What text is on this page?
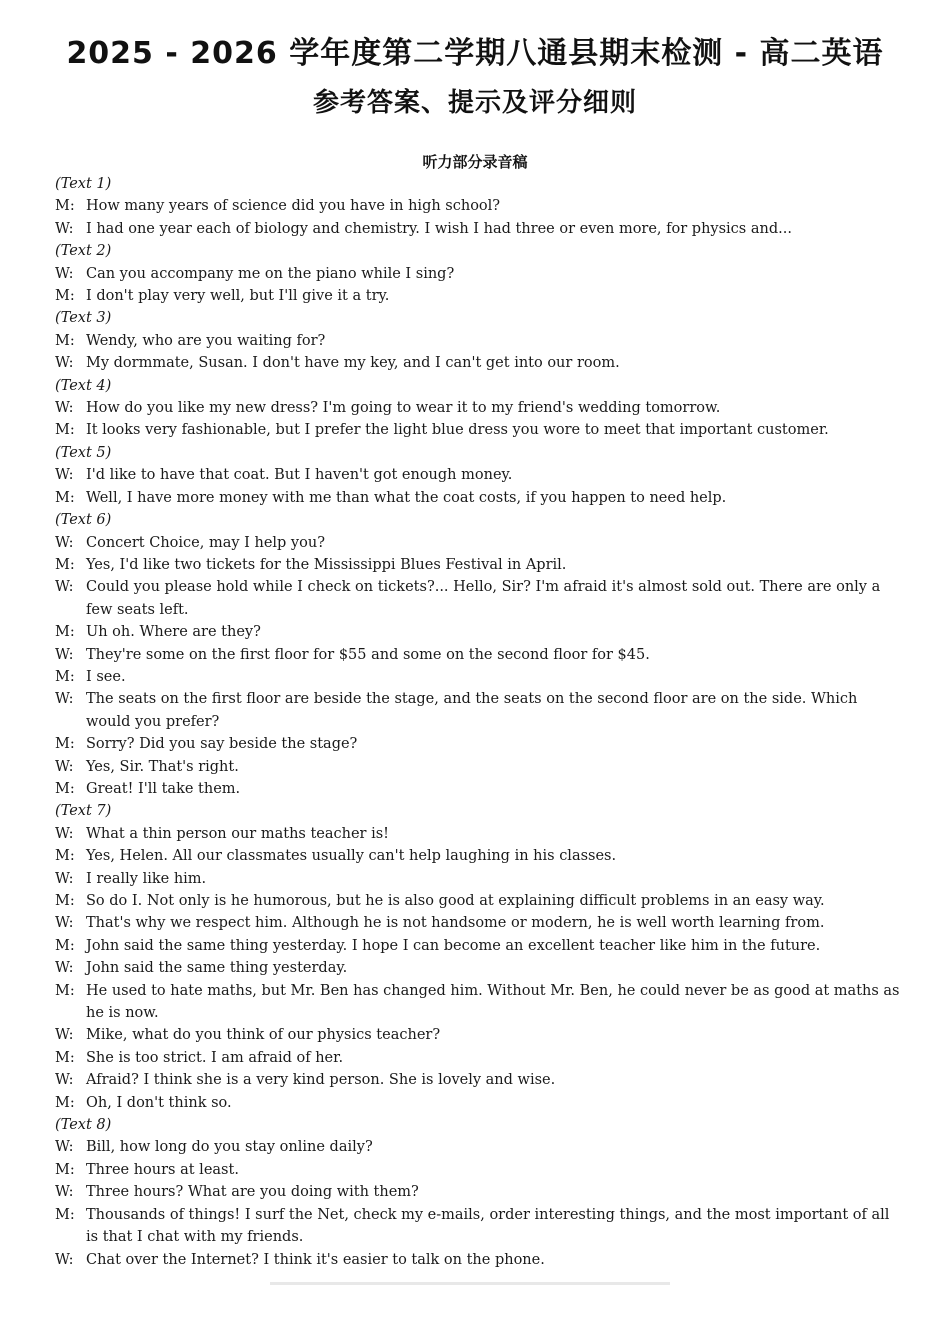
2025 - 2026 学年度第二学期八通县期末检测 - 高二英语
参考答案、提示及评分细则
听力部分录音稿
(Text 1)
M: How many years of science did you have in high school?
W: I had one year each of biology and chemistry. I wish I had three or even more, for physics and...
(Text 2)
W: Can you accompany me on the piano while I sing?
M: I don't play very well, but I'll give it a try.
(Text 3)
M: Wendy, who are you waiting for?
W: My dormmate, Susan. I don't have my key, and I can't get into our room.
(Text 4)
W: How do you like my new dress? I'm going to wear it to my friend's wedding tomorrow.
M: It looks very fashionable, but I prefer the light blue dress you wore to meet that important customer.
(Text 5)
W: I'd like to have that coat. But I haven't got enough money.
M: Well, I have more money with me than what the coat costs, if you happen to need help.
(Text 6)
W: Concert Choice, may I help you?
M: Yes, I'd like two tickets for the Mississippi Blues Festival in April.
W: Could you please hold while I check on tickets?... Hello, Sir? I'm afraid it's almost sold out. There are only a few seats left.
M: Uh oh. Where are they?
W: They're some on the first floor for $55 and some on the second floor for $45.
M: I see.
W: The seats on the first floor are beside the stage, and the seats on the second floor are on the side. Which would you prefer?
M: Sorry? Did you say beside the stage?
W: Yes, Sir. That's right.
M: Great! I'll take them.
(Text 7)
W: What a thin person our maths teacher is!
M: Yes, Helen. All our classmates usually can't help laughing in his classes.
W: I really like him.
M: So do I. Not only is he humorous, but he is also good at explaining difficult problems in an easy way.
W: That's why we respect him. Although he is not handsome or modern, he is well worth learning from.
M: John said the same thing yesterday. I hope I can become an excellent teacher like him in the future.
W: John said the same thing yesterday.
M: He used to hate maths, but Mr. Ben has changed him. Without Mr. Ben, he could never be as good at maths as he is now.
W: Mike, what do you think of our physics teacher?
M: She is too strict. I am afraid of her.
W: Afraid? I think she is a very kind person. She is lovely and wise.
M: Oh, I don't think so.
(Text 8)
W: Bill, how long do you stay online daily?
M: Three hours at least.
W: Three hours? What are you doing with them?
M: Thousands of things! I surf the Net, check my e-mails, order interesting things, and the most important of all is that I chat with my friends.
W: Chat over the Internet? I think it's easier to talk on the phone.
